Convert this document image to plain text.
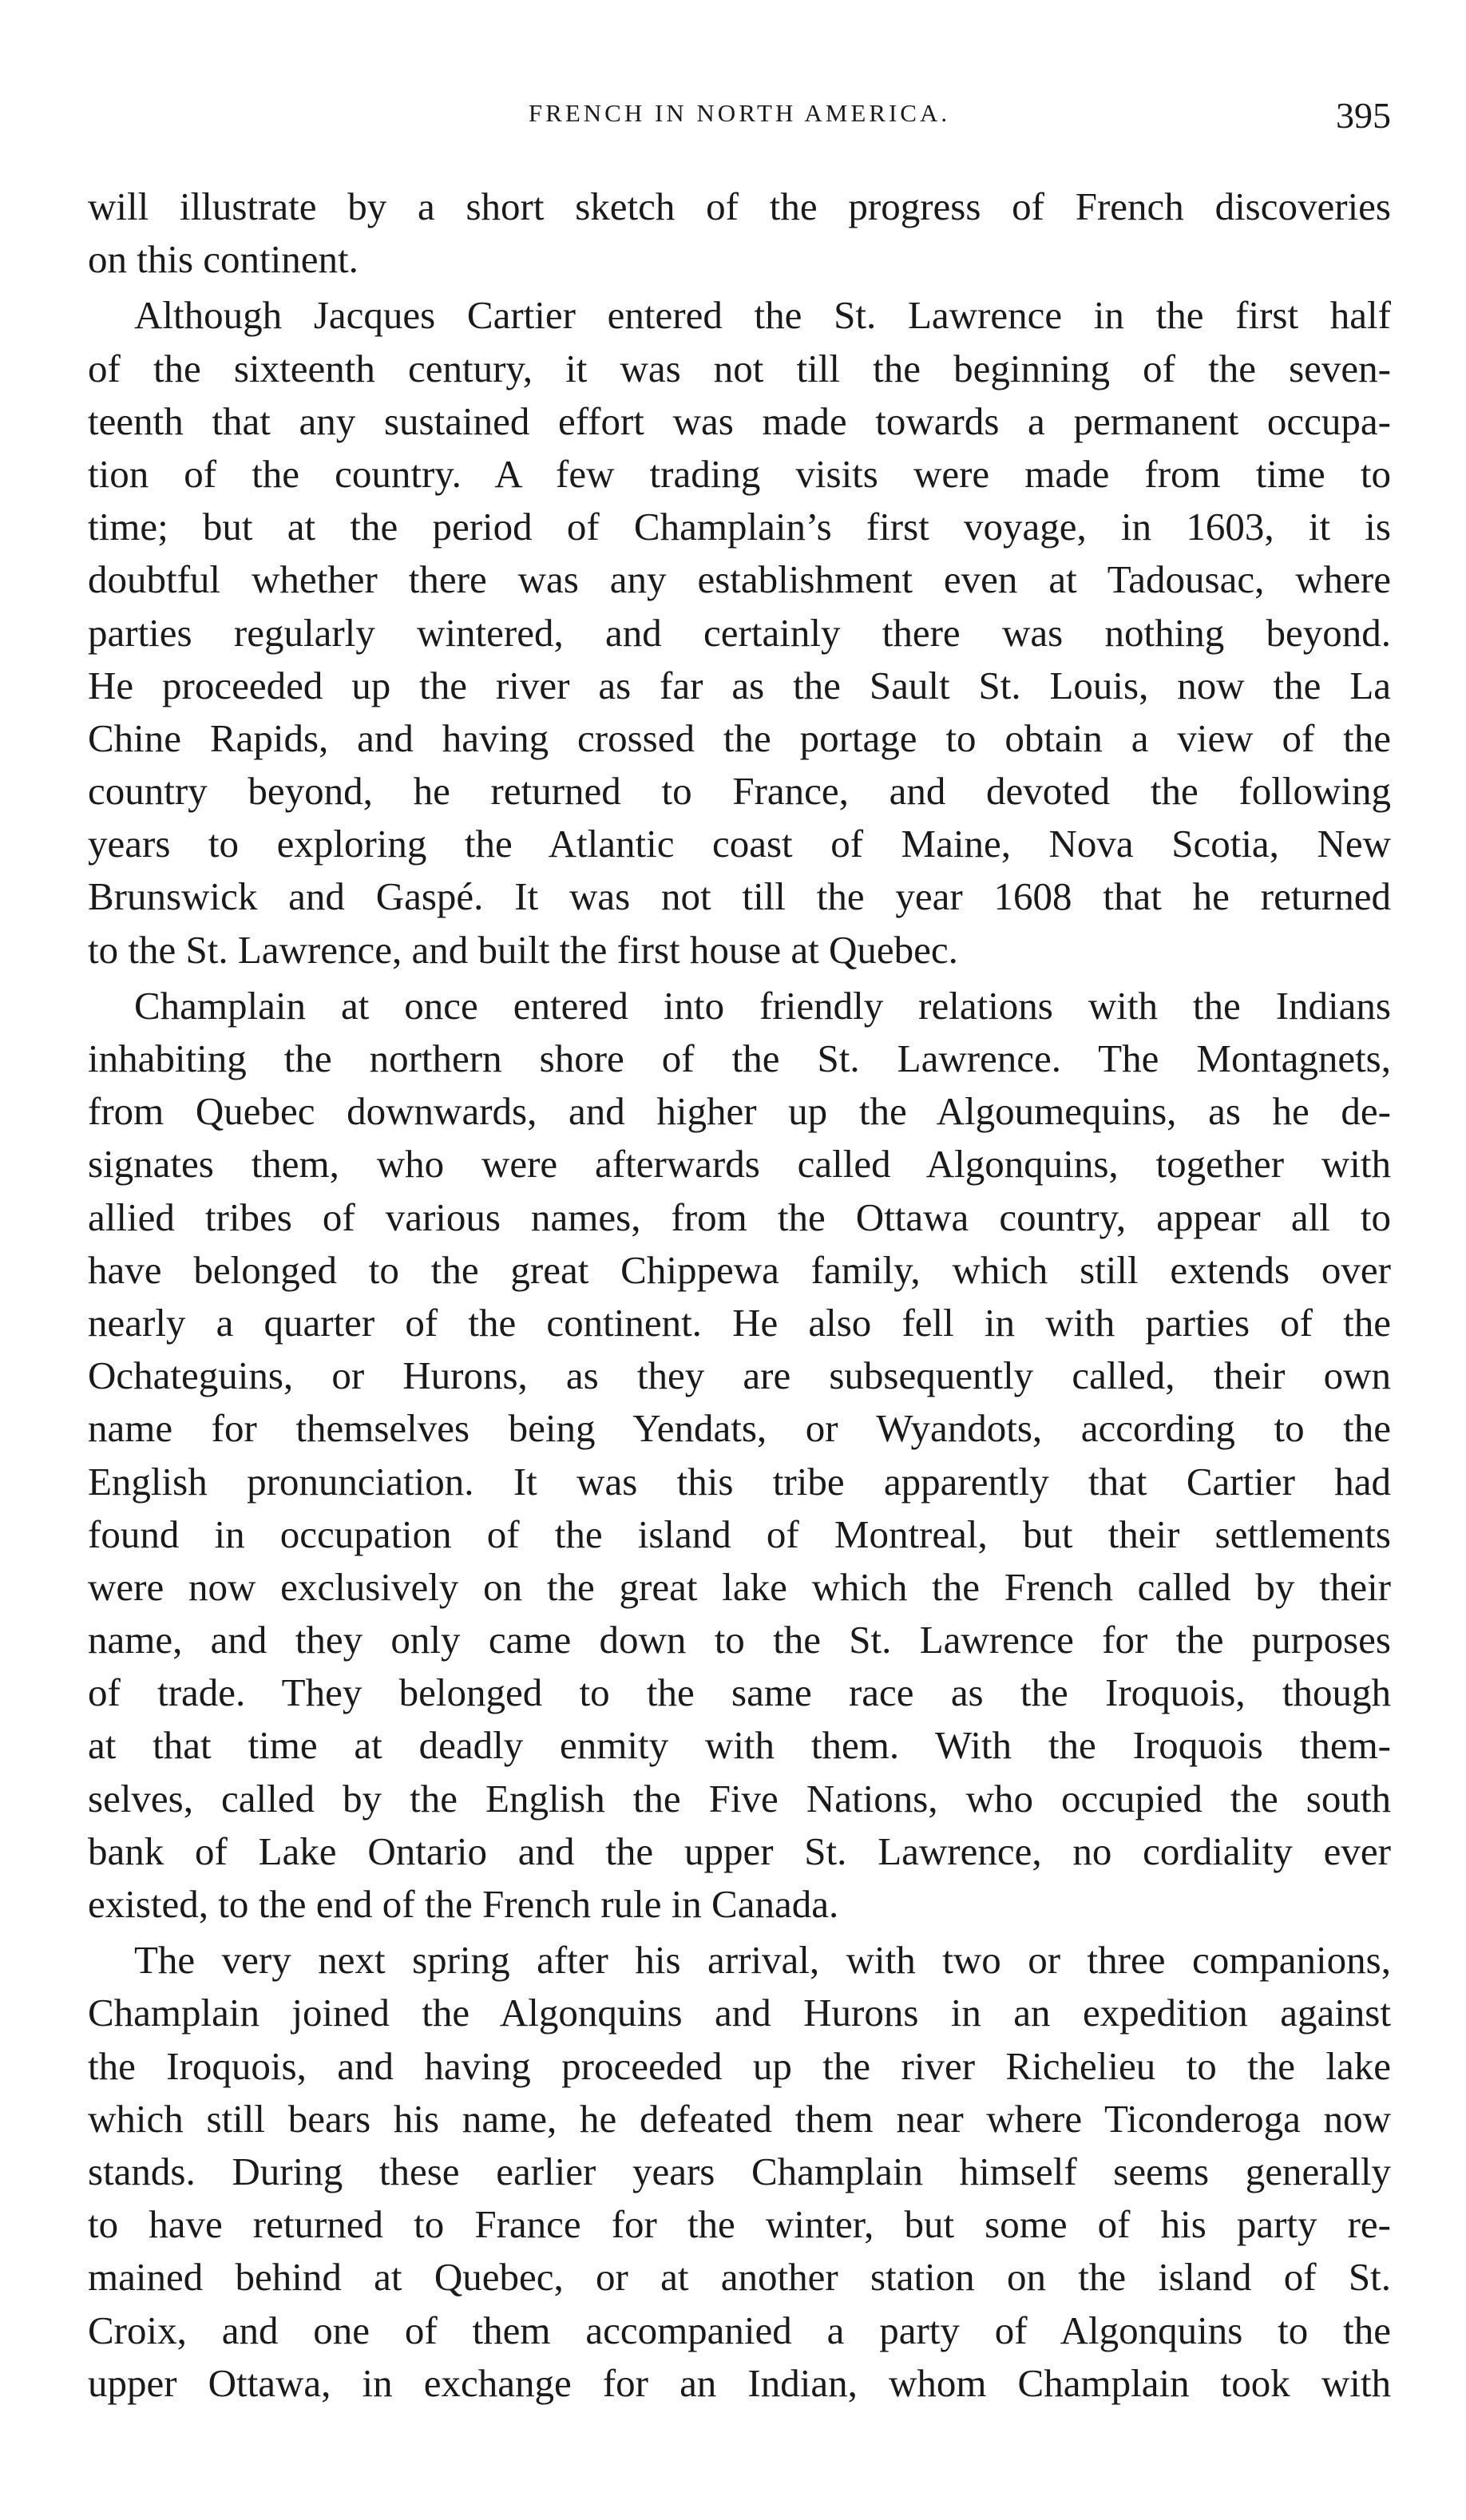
FRENCH IN NORTH AMERICA.	395
will illustrate by a short sketch of the progress of French discoveries
on this continent.
Although Jacques Cartier entered the St. Lawrence in the first half
of the sixteenth century, it was not till the beginning of the seven-
teenth that any sustained effort was made towards a permanent occupa-
tion of the country. A few trading visits were made from time to
time; but at the period of Champlain’s first voyage, in 1603, it is
doubtful whether there was any establishment even at Tadousac, where
parties regularly wintered, and certainly there was nothing beyond.
He proceeded up the river as far as the Sault St. Louis, now the La
Chine Rapids, and having crossed the portage to obtain a view of the
country beyond, he returned to France, and devoted the following
years to exploring the Atlantic coast of Maine, Nova Scotia, New
Brunswick and Gaspé. It was not till the year 1608 that he returned
to the St. Lawrence, and built the first house at Quebec.
Champlain at once entered into friendly relations with the Indians
inhabiting the northern shore of the St. Lawrence. The Montagnets,
from Quebec downwards, and higher up the Algoumequins, as he de-
signates them, who were afterwards called Algonquins, together with
allied tribes of various names, from the Ottawa country, appear all to
have belonged to the great Chippewa family, which still extends over
nearly a quarter of the continent. He also fell in with parties of the
Ochateguins, or Hurons, as they are subsequently called, their own
name for themselves being Yendats, or Wyandots, according to the
English pronunciation. It was this tribe apparently that Cartier had
found in occupation of the island of Montreal, but their settlements
were now exclusively on the great lake which the French called by their
name, and they only came down to the St. Lawrence for the purposes
of trade. They belonged to the same race as the Iroquois, though
at that time at deadly enmity with them. With the Iroquois them-
selves, called by the English the Five Nations, who occupied the south
bank of Lake Ontario and the upper St. Lawrence, no cordiality ever
existed, to the end of the French rule in Canada.
The very next spring after his arrival, with two or three companions,
Champlain joined the Algonquins and Hurons in an expedition against
the Iroquois, and having proceeded up the river Richelieu to the lake
which still bears his name, he defeated them near where Ticonderoga now
stands. During these earlier years Champlain himself seems generally
to have returned to France for the winter, but some of his party re-
mained behind at Quebec, or at another station on the island of St.
Croix, and one of them accompanied a party of Algonquins to the
upper Ottawa, in exchange for an Indian, whom Champlain took with
